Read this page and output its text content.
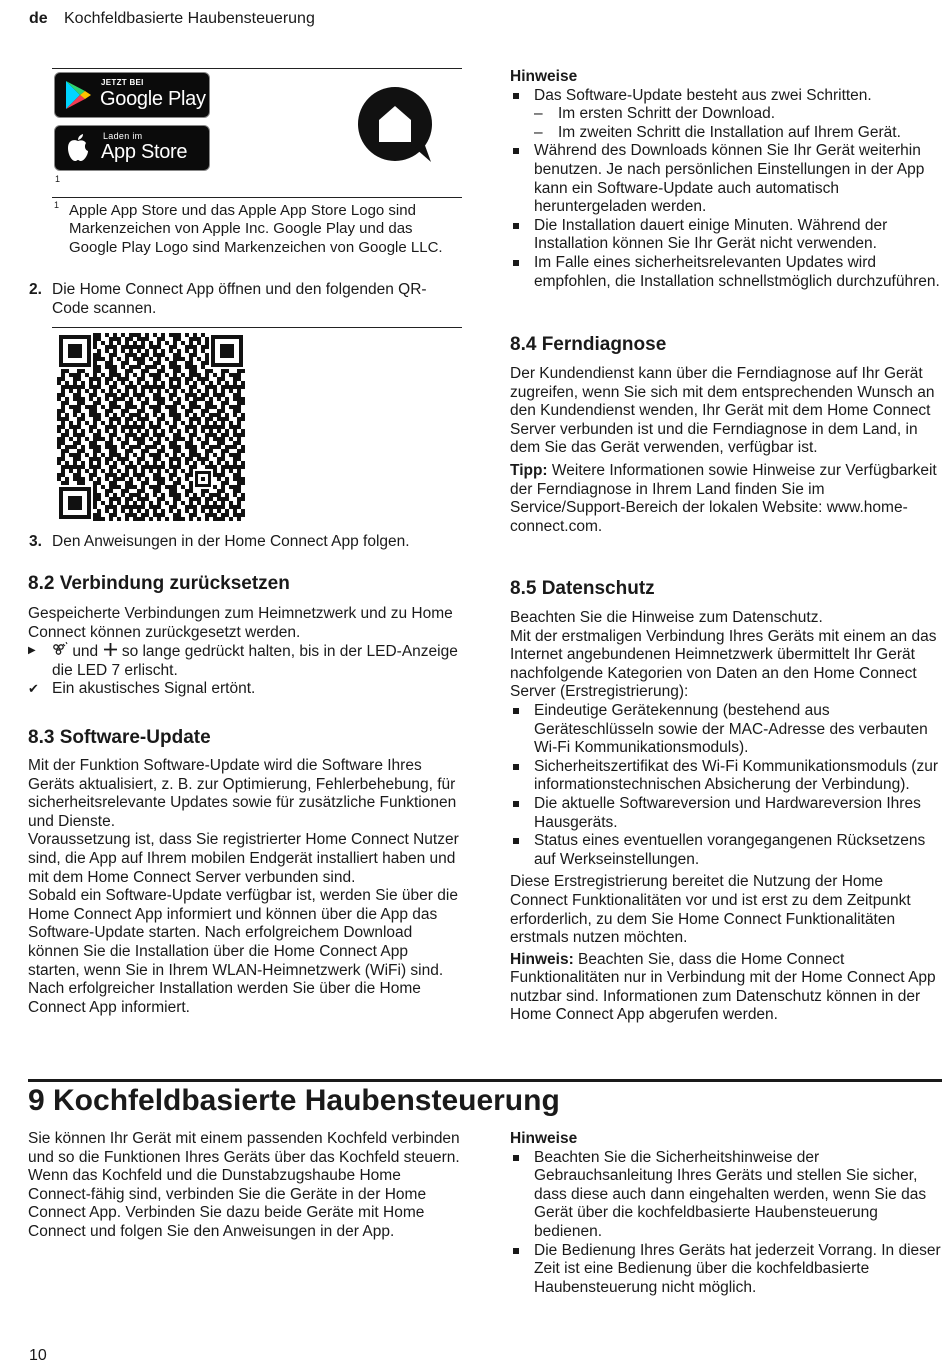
de Kochfeldbasierte Haubensteuerung
JETZT BEI
Google Play
Laden im
App Store
1
1 Apple App Store und das Apple App Store Logo sind Markenzeichen von Apple Inc. Google Play und das Google Play Logo sind Markenzeichen von Google LLC.
2. Die Home Connect App öffnen und den folgenden QR-Code scannen.
3. Den Anweisungen in der Home Connect App folgen.
8.2 Verbindung zurücksetzen

Gespeicherte Verbindungen zum Heimnetzwerk und zu Home Connect können zurückgesetzt werden.

▶ und so lange gedrückt halten, bis in der LED-Anzeige die LED 7 erlischt.
✔ Ein akustisches Signal ertönt.
8.3 Software-Update

Mit der Funktion Software-Update wird die Software Ihres Geräts aktualisiert, z. B. zur Optimierung, Fehlerbehebung, für sicherheitsrelevante Updates sowie für zusätzliche Funktionen und Dienste.

Voraussetzung ist, dass Sie registrierter Home Connect Nutzer sind, die App auf Ihrem mobilen Endgerät installiert haben und mit dem Home Connect Server verbunden sind.

Sobald ein Software-Update verfügbar ist, werden Sie über die Home Connect App informiert und können über die App das Software-Update starten. Nach erfolgreichem Download können Sie die Installation über die Home Connect App starten, wenn Sie in Ihrem WLAN-Heimnetzwerk (WiFi) sind. Nach erfolgreicher Installation werden Sie über die Home Connect App informiert.

Hinweise
Das Software-Update besteht aus zwei Schritten.
– Im ersten Schritt der Download.
– Im zweiten Schritt die Installation auf Ihrem Gerät.
Während des Downloads können Sie Ihr Gerät weiterhin benutzen. Je nach persönlichen Einstellungen in der App kann ein Software-Update auch automatisch heruntergeladen werden.
Die Installation dauert einige Minuten. Während der Installation können Sie Ihr Gerät nicht verwenden.
Im Falle eines sicherheitsrelevanten Updates wird empfohlen, die Installation schnellstmöglich durchzuführen.
8.4 Ferndiagnose

Der Kundendienst kann über die Ferndiagnose auf Ihr Gerät zugreifen, wenn Sie sich mit dem entsprechenden Wunsch an den Kundendienst wenden, Ihr Gerät mit dem Home Connect Server verbunden ist und die Ferndiagnose in dem Land, in dem Sie das Gerät verwenden, verfügbar ist.

Tipp: Weitere Informationen sowie Hinweise zur Verfügbarkeit der Ferndiagnose in Ihrem Land finden Sie im Service/Support-Bereich der lokalen Website: www.home-connect.com.

8.5 Datenschutz

Beachten Sie die Hinweise zum Datenschutz.

Mit der erstmaligen Verbindung Ihres Geräts mit einem an das Internet angebundenen Heimnetzwerk übermittelt Ihr Gerät nachfolgende Kategorien von Daten an den Home Connect Server (Erstregistrierung):

Eindeutige Gerätekennung (bestehend aus Geräteschlüsseln sowie der MAC-Adresse des verbauten Wi-Fi Kommunikationsmoduls).
Sicherheitszertifikat des Wi-Fi Kommunikationsmoduls (zur informationstechnischen Absicherung der Verbindung).
Die aktuelle Softwareversion und Hardwareversion Ihres Hausgeräts.
Status eines eventuellen vorangegangenen Rücksetzens auf Werkseinstellungen.

Diese Erstregistrierung bereitet die Nutzung der Home Connect Funktionalitäten vor und ist erst zu dem Zeitpunkt erforderlich, zu dem Sie Home Connect Funktionalitäten erstmals nutzen möchten.

Hinweis: Beachten Sie, dass die Home Connect Funktionalitäten nur in Verbindung mit der Home Connect App nutzbar sind. Informationen zum Datenschutz können in der Home Connect App abgerufen werden.

9 Kochfeldbasierte Haubensteuerung

Sie können Ihr Gerät mit einem passenden Kochfeld verbinden und so die Funktionen Ihres Geräts über das Kochfeld steuern.

Wenn das Kochfeld und die Dunstabzugshaube Home Connect-fähig sind, verbinden Sie die Geräte in der Home Connect App. Verbinden Sie dazu beide Geräte mit Home Connect und folgen Sie den Anweisungen in der App.

Hinweise
Beachten Sie die Sicherheitshinweise der Gebrauchsanleitung Ihres Geräts und stellen Sie sicher, dass diese auch dann eingehalten werden, wenn Sie das Gerät über die kochfeldbasierte Haubensteuerung bedienen.
Die Bedienung Ihres Geräts hat jederzeit Vorrang. In dieser Zeit ist eine Bedienung über die kochfeldbasierte Haubensteuerung nicht möglich.
10
